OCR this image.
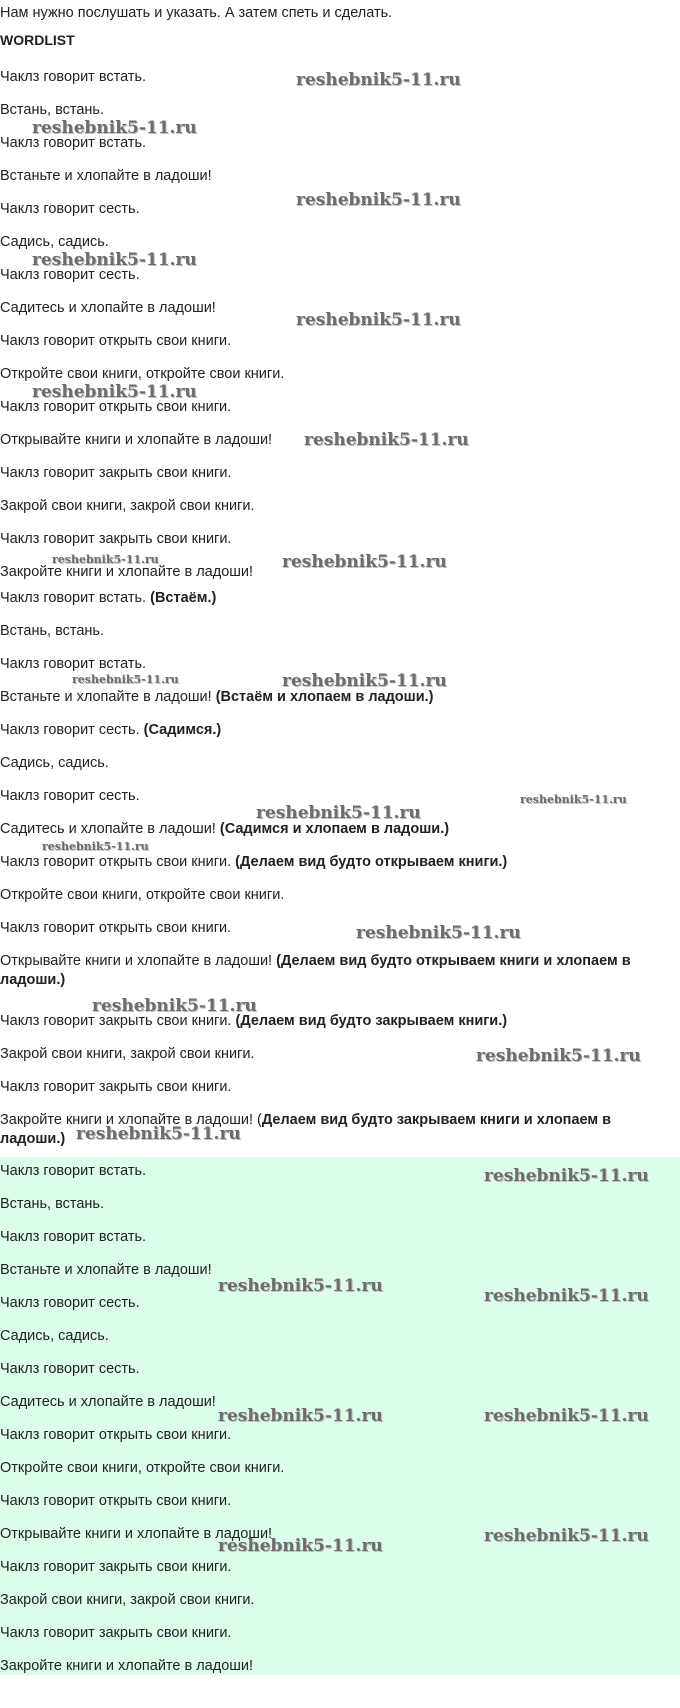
Нам нужно послушать и указать. А затем спеть и сделать.
WORDLIST
Чаклз говорит встать.
Встань, встань.
Чаклз говорит встать.
Встаньте и хлопайте в ладоши!
Чаклз говорит сесть.
Садись, садись.
Чаклз говорит сесть.
Садитесь и хлопайте в ладоши!
Чаклз говорит открыть свои книги.
Откройте свои книги, откройте свои книги.
Чаклз говорит открыть свои книги.
Открывайте книги и хлопайте в ладоши!
Чаклз говорит закрыть свои книги.
Закрой свои книги, закрой свои книги.
Чаклз говорит закрыть свои книги.
Закройте книги и хлопайте в ладоши!
Чаклз говорит встать. (Встаём.)
Встань, встань.
Чаклз говорит встать.
Встаньте и хлопайте в ладоши! (Встаём и хлопаем в ладоши.)
Чаклз говорит сесть. (Садимся.)
Садись, садись.
Чаклз говорит сесть.
Садитесь и хлопайте в ладоши! (Садимся и хлопаем в ладоши.)
Чаклз говорит открыть свои книги. (Делаем вид будто открываем книги.)
Откройте свои книги, откройте свои книги.
Чаклз говорит открыть свои книги.
Открывайте книги и хлопайте в ладоши! (Делаем вид будто открываем книги и хлопаем в ладоши.)
Чаклз говорит закрыть свои книги. (Делаем вид будто закрываем книги.)
Закрой свои книги, закрой свои книги.
Чаклз говорит закрыть свои книги.
Закройте книги и хлопайте в ладоши! (Делаем вид будто закрываем книги и хлопаем в ладоши.)
Чаклз говорит встать.
Встань, встань.
Чаклз говорит встать.
Встаньте и хлопайте в ладоши!
Чаклз говорит сесть.
Садись, садись.
Чаклз говорит сесть.
Садитесь и хлопайте в ладоши!
Чаклз говорит открыть свои книги.
Откройте свои книги, откройте свои книги.
Чаклз говорит открыть свои книги.
Открывайте книги и хлопайте в ладоши!
Чаклз говорит закрыть свои книги.
Закрой свои книги, закрой свои книги.
Чаклз говорит закрыть свои книги.
Закройте книги и хлопайте в ладоши!
reshebnik5-11.ru
reshebnik5-11.ru
reshebnik5-11.ru
reshebnik5-11.ru
reshebnik5-11.ru
reshebnik5-11.ru
reshebnik5-11.ru
reshebnik5-11.ru	reshebnik5-11.ru
reshebnik5-11.ru	reshebnik5-11.ru
reshebnik5-11.ru
reshebnik5-11.ru
reshebnik5-11.ru
reshebnik5-11.ru
reshebnik5-11.ru
reshebnik5-11.ru
reshebnik5-11.ru
reshebnik5-11.ru
reshebnik5-11.ru	reshebnik5-11.ru
reshebnik5-11.ru	reshebnik5-11.ru
reshebnik5-11.ru	reshebnik5-11.ru
